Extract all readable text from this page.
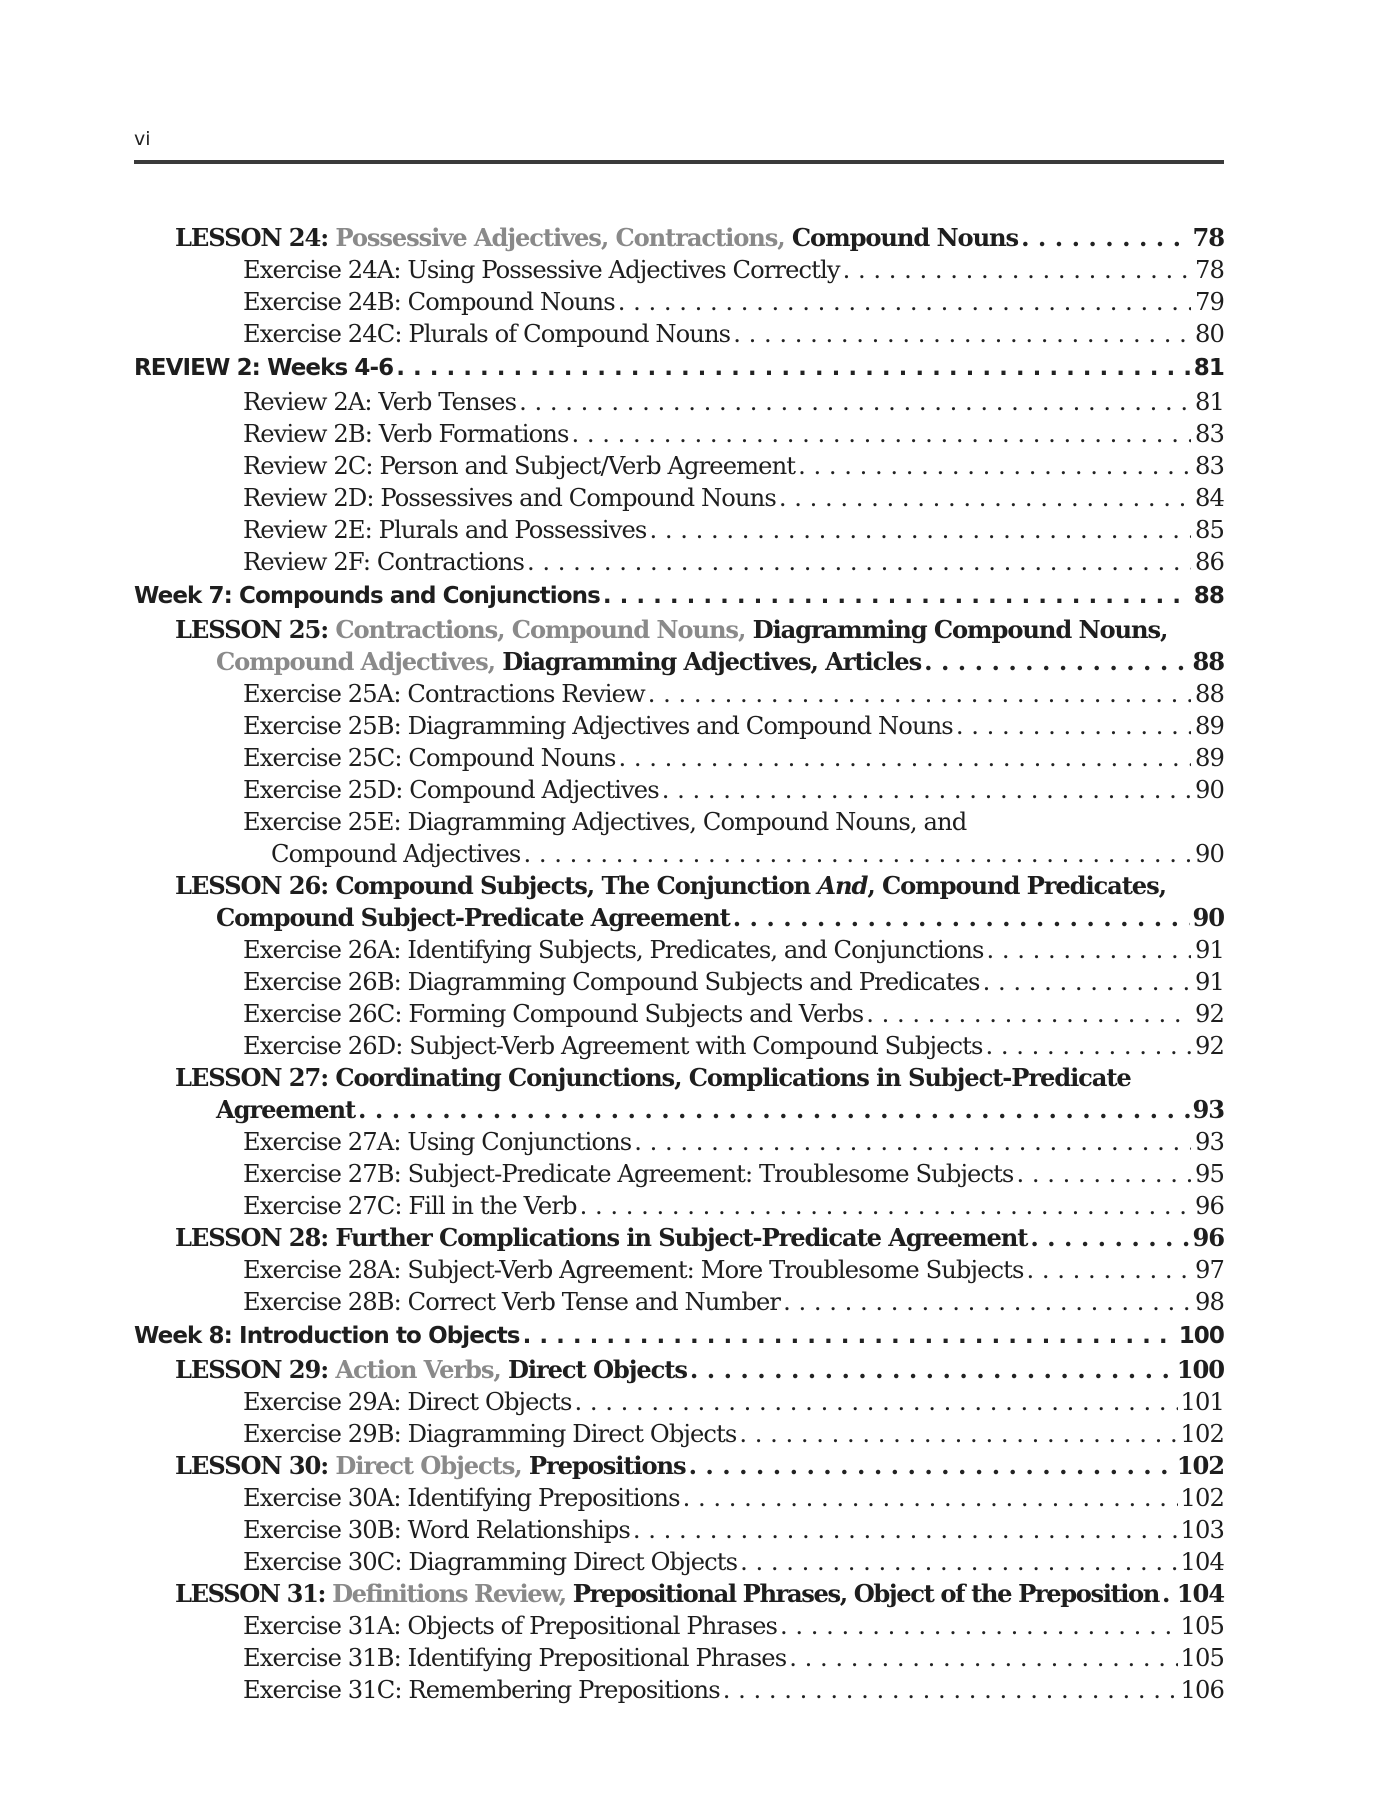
vi
LESSON 24: Possessive Adjectives, Contractions, Compound Nouns . . .	78
Exercise 24A: Using Possessive Adjectives Correctly . . .	78
Exercise 24B: Compound Nouns . . .	79
Exercise 24C: Plurals of Compound Nouns . . .	80
REVIEW 2: Weeks 4-6 . . .	81
Review 2A: Verb Tenses . . .	81
Review 2B: Verb Formations . . .	83
Review 2C: Person and Subject/Verb Agreement . . .	83
Review 2D: Possessives and Compound Nouns . . .	84
Review 2E: Plurals and Possessives . . .	85
Review 2F: Contractions . . .	86
Week 7: Compounds and Conjunctions . . .	88
LESSON 25: Contractions, Compound Nouns, Diagramming Compound Nouns,
Compound Adjectives, Diagramming Adjectives, Articles . . .	88
Exercise 25A: Contractions Review . . .	88
Exercise 25B: Diagramming Adjectives and Compound Nouns . . .	89
Exercise 25C: Compound Nouns . . .	89
Exercise 25D: Compound Adjectives . . .	90
Exercise 25E: Diagramming Adjectives, Compound Nouns, and
Compound Adjectives . . .	90
LESSON 26: Compound Subjects, The Conjunction And, Compound Predicates,
Compound Subject-Predicate Agreement . . .	90
Exercise 26A: Identifying Subjects, Predicates, and Conjunctions . . .	91
Exercise 26B: Diagramming Compound Subjects and Predicates . . .	91
Exercise 26C: Forming Compound Subjects and Verbs . . .	92
Exercise 26D: Subject-Verb Agreement with Compound Subjects . . .	92
LESSON 27: Coordinating Conjunctions, Complications in Subject-Predicate
Agreement . . .	93
Exercise 27A: Using Conjunctions . . .	93
Exercise 27B: Subject-Predicate Agreement: Troublesome Subjects . . .	95
Exercise 27C: Fill in the Verb . . .	96
LESSON 28: Further Complications in Subject-Predicate Agreement . . .	96
Exercise 28A: Subject-Verb Agreement: More Troublesome Subjects . . .	97
Exercise 28B: Correct Verb Tense and Number . . .	98
Week 8: Introduction to Objects . . .	100
LESSON 29: Action Verbs, Direct Objects . . .	100
Exercise 29A: Direct Objects . . .	101
Exercise 29B: Diagramming Direct Objects . . .	102
LESSON 30: Direct Objects, Prepositions . . .	102
Exercise 30A: Identifying Prepositions . . .	102
Exercise 30B: Word Relationships . . .	103
Exercise 30C: Diagramming Direct Objects . . .	104
LESSON 31: Definitions Review, Prepositional Phrases, Object of the Preposition . . . 104
Exercise 31A: Objects of Prepositional Phrases . . .	105
Exercise 31B: Identifying Prepositional Phrases . . .	105
Exercise 31C: Remembering Prepositions . . .	106
